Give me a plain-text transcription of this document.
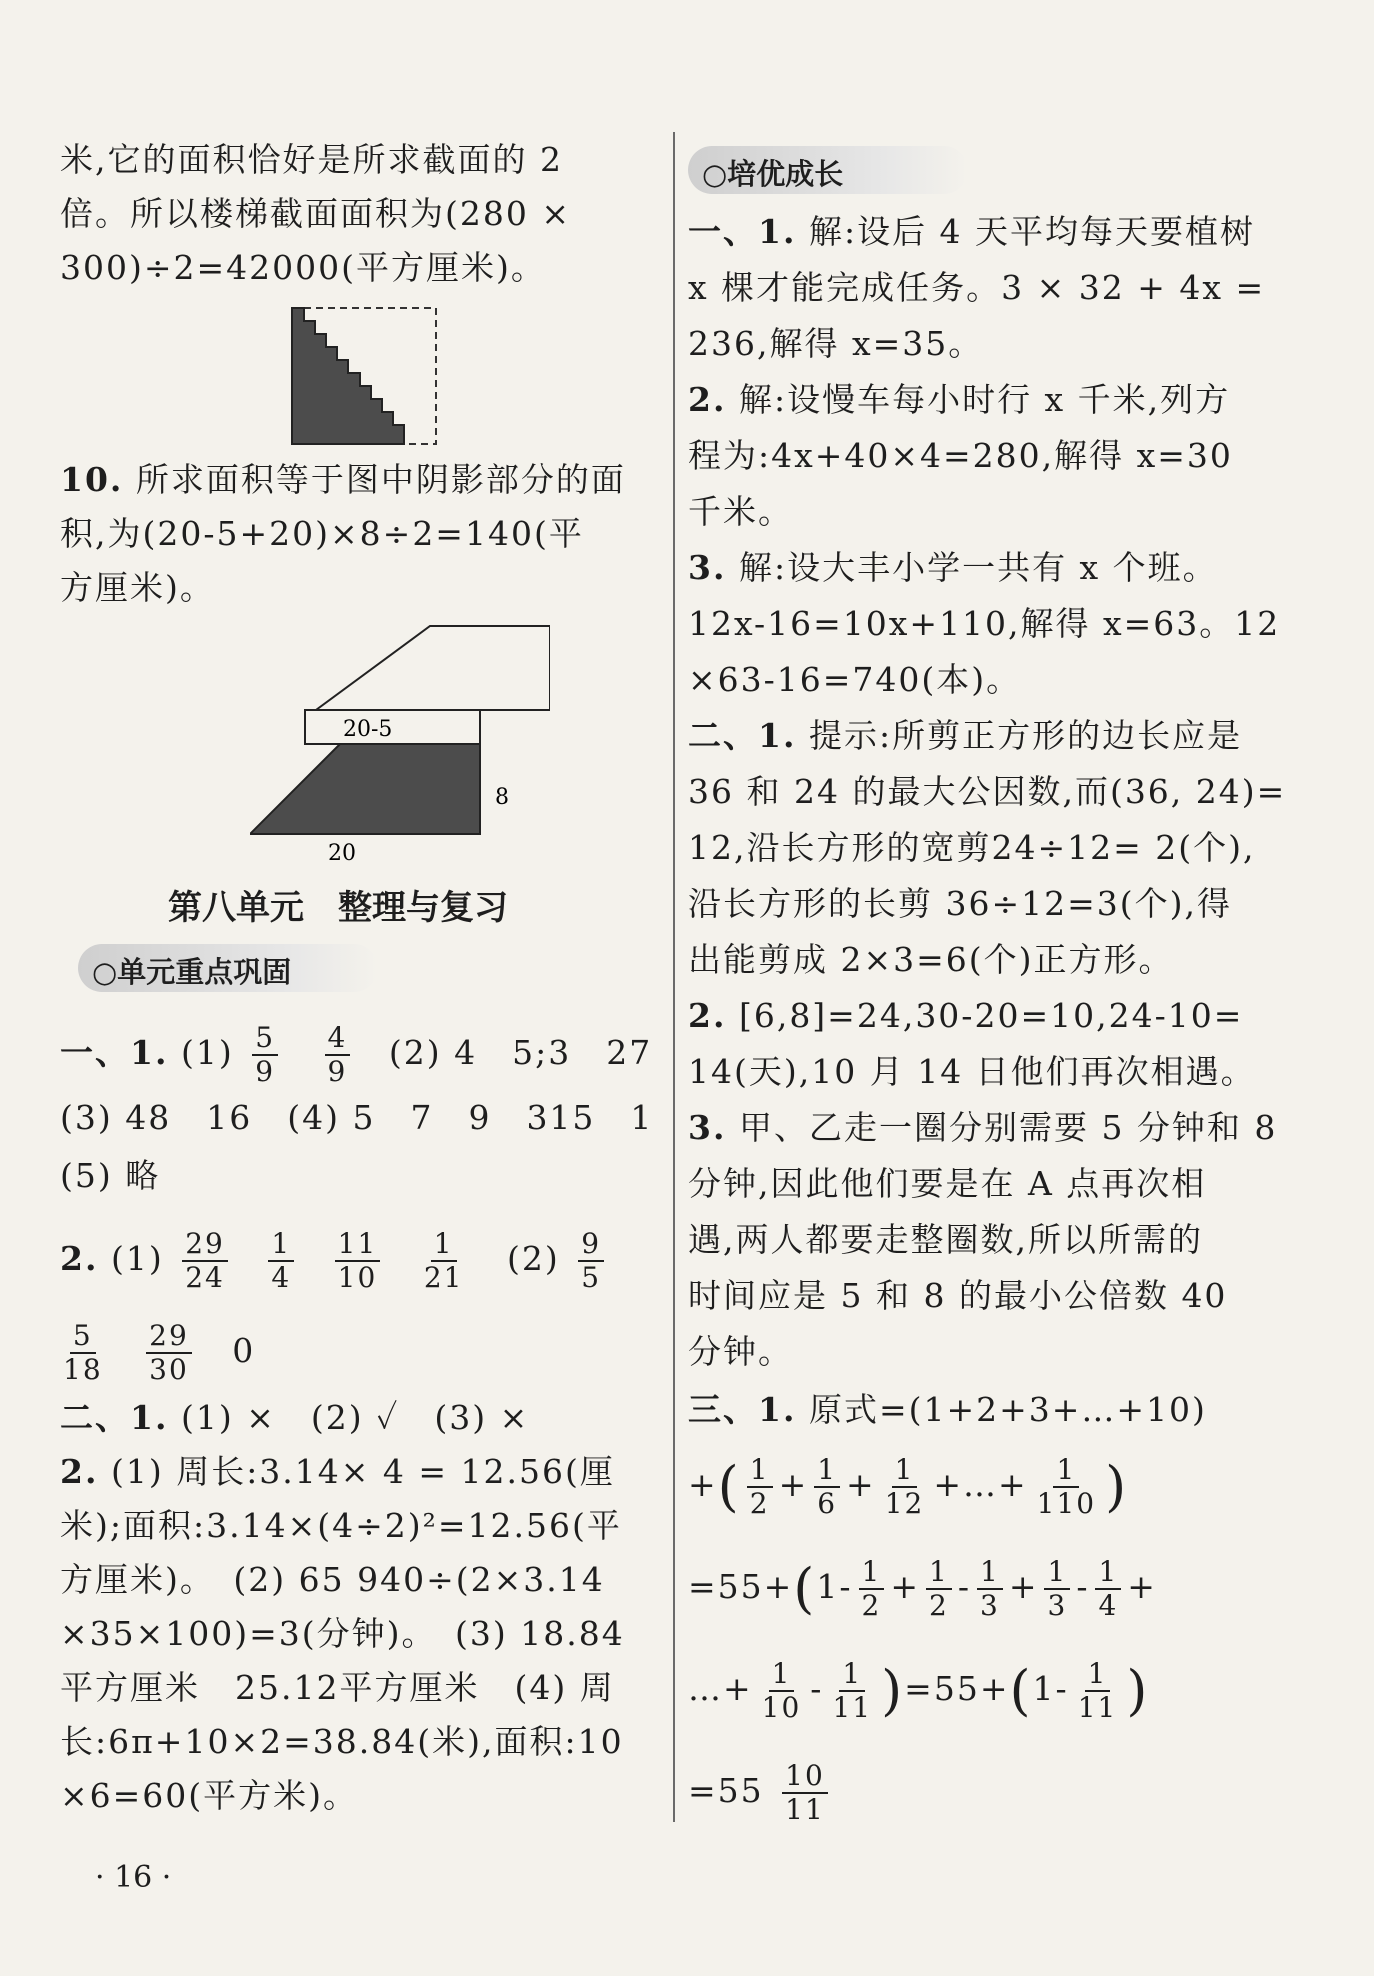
米,它的面积恰好是所求截面的 2
倍。所以楼梯截面面积为(280 ×
300)÷2=42000(平方厘米)。
10. 所求面积等于图中阴影部分的面
积,为(20-5+20)×8÷2=140(平
方厘米)。
20-5
8
20
第八单元　整理与复习
○单元重点巩固
一、1. $(1) \frac{5}{9}$
$\frac{4}{9} (2)$ 4　5;3　27
(3) 48　16　(4) 5　7　9　315　1
(5) 略
2. $(1) \frac{29}{24}$
$\frac{1}{4}$
$\frac{11}{10}$
$\frac{1}{21} (2) \frac{9}{5}$
$\frac{5}{18}$
$\frac{29}{30} 0$
二、1. (1) ×　(2) ✓　(3) ×
2. (1) 周长:3.14× 4 = 12.56(厘
米);面积:3.14×(4÷2)²=12.56(平
方厘米)。　(2) 65 940÷(2×3.14
×35×100)=3(分钟)。　(3) 18.84
平方厘米　25.12平方厘米　(4) 周
长:6π+10×2=38.84(米),面积:10
×6=60(平方米)。
○培优成长
一、1. 解:设后 4 天平均每天要植树
x 棵才能完成任务。3 × 32 + 4x =
236,解得 x=35。
2. 解:设慢车每小时行 x 千米,列方
程为:4x+40×4=280,解得 x=30
千米。
3. 解:设大丰小学一共有 x 个班。
12x-16=10x+110,解得 x=63。12
×63-16=740(本)。
二、1. 提示:所剪正方形的边长应是
36 和 24 的最大公因数,而(36, 24)=
12,沿长方形的宽剪24÷12= 2(个),
沿长方形的长剪 36÷12=3(个),得
出能剪成 2×3=6(个)正方形。
2. [6,8]=24,30-20=10,24-10=
14(天),10 月 14 日他们再次相遇。
3. 甲、乙走一圈分别需要 5 分钟和 8
分钟,因此他们要是在 A 点再次相
遇,两人都要走整圈数,所以所需的
时间应是 5 和 8 的最小公倍数 40
分钟。
三、1. 原式=(1+2+3+…+10)
+( $\frac{1}{2} + \frac{1}{6} + \frac{1}{12}$ +…+ $\frac{1}{110}$ )
$=55+(1- \frac{1}{2} + \frac{1}{2} - \frac{1}{3} + \frac{1}{3} - \frac{1}{4}$ +
…+ $\frac{1}{10} - \frac{1}{11} )=55+(1- \frac{1}{11}$ )
$=55 \frac{10}{11}$
· 16 ·
